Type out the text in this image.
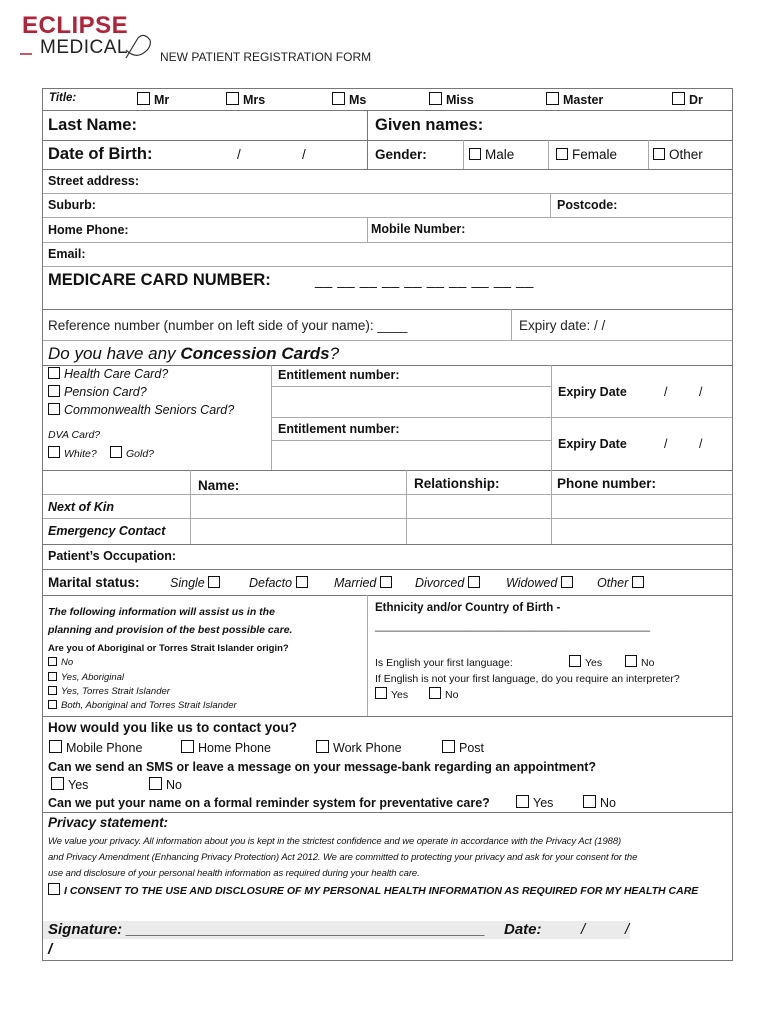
ECLIPSE
MEDICAL	NEW PATIENT REGISTRATION FORM
Title:	Mr	Mrs	Ms	Miss	Master	Dr
Last Name:	Given names:
Date of Birth:	/	/	Gender:	Male	Female	Other
Street address:
Suburb:	Postcode:
Home Phone:	Mobile Number:
Email:
MEDICARE CARD NUMBER:	__ __ __ __ __ __ __ __ __ __
Reference number (number on left side of your name): ____	Expiry date: / /
Do you have any Concession Cards?
Health Care Card?
Pension Card?
Commonwealth Seniors Card?
DVA Card?
White?	Gold?
Entitlement number:
Entitlement number:
Expiry Date	/	/
Expiry Date	/	/
Name:	Relationship:	Phone number:
Next of Kin
Emergency Contact
Patient’s Occupation:
Marital status: Single	Defacto	Married	Divorced	Widowed	Other
The following information will assist us in the
planning and provision of the best possible care.
Are you of Aboriginal or Torres Strait Islander origin?
No
Yes, Aboriginal
Yes, Torres Strait Islander
Both, Aboriginal and Torres Strait Islander
Ethnicity and/or Country of Birth -
___________________________________________
Is English your first language:	Yes	No
If English is not your first language, do you require an interpreter?
Yes	No
How would you like us to contact you?
Mobile Phone	Home Phone	Work Phone	Post
Can we send an SMS or leave a message on your message-bank regarding an appointment?
Yes	No
Can we put your name on a formal reminder system for preventative care?	Yes	No
Privacy statement:
We value your privacy. All information about you is kept in the strictest confidence and we operate in accordance with the Privacy Act (1988)
and Privacy Amendment (Enhancing Privacy Protection) Act 2012. We are committed to protecting your privacy and ask for your consent for the
use and disclosure of your personal health information as required during your health care.
I CONSENT TO THE USE AND DISCLOSURE OF MY PERSONAL HEALTH INFORMATION AS REQUIRED FOR MY HEALTH CARE
Signature: ___________________________________________ Date:	/	/
/
